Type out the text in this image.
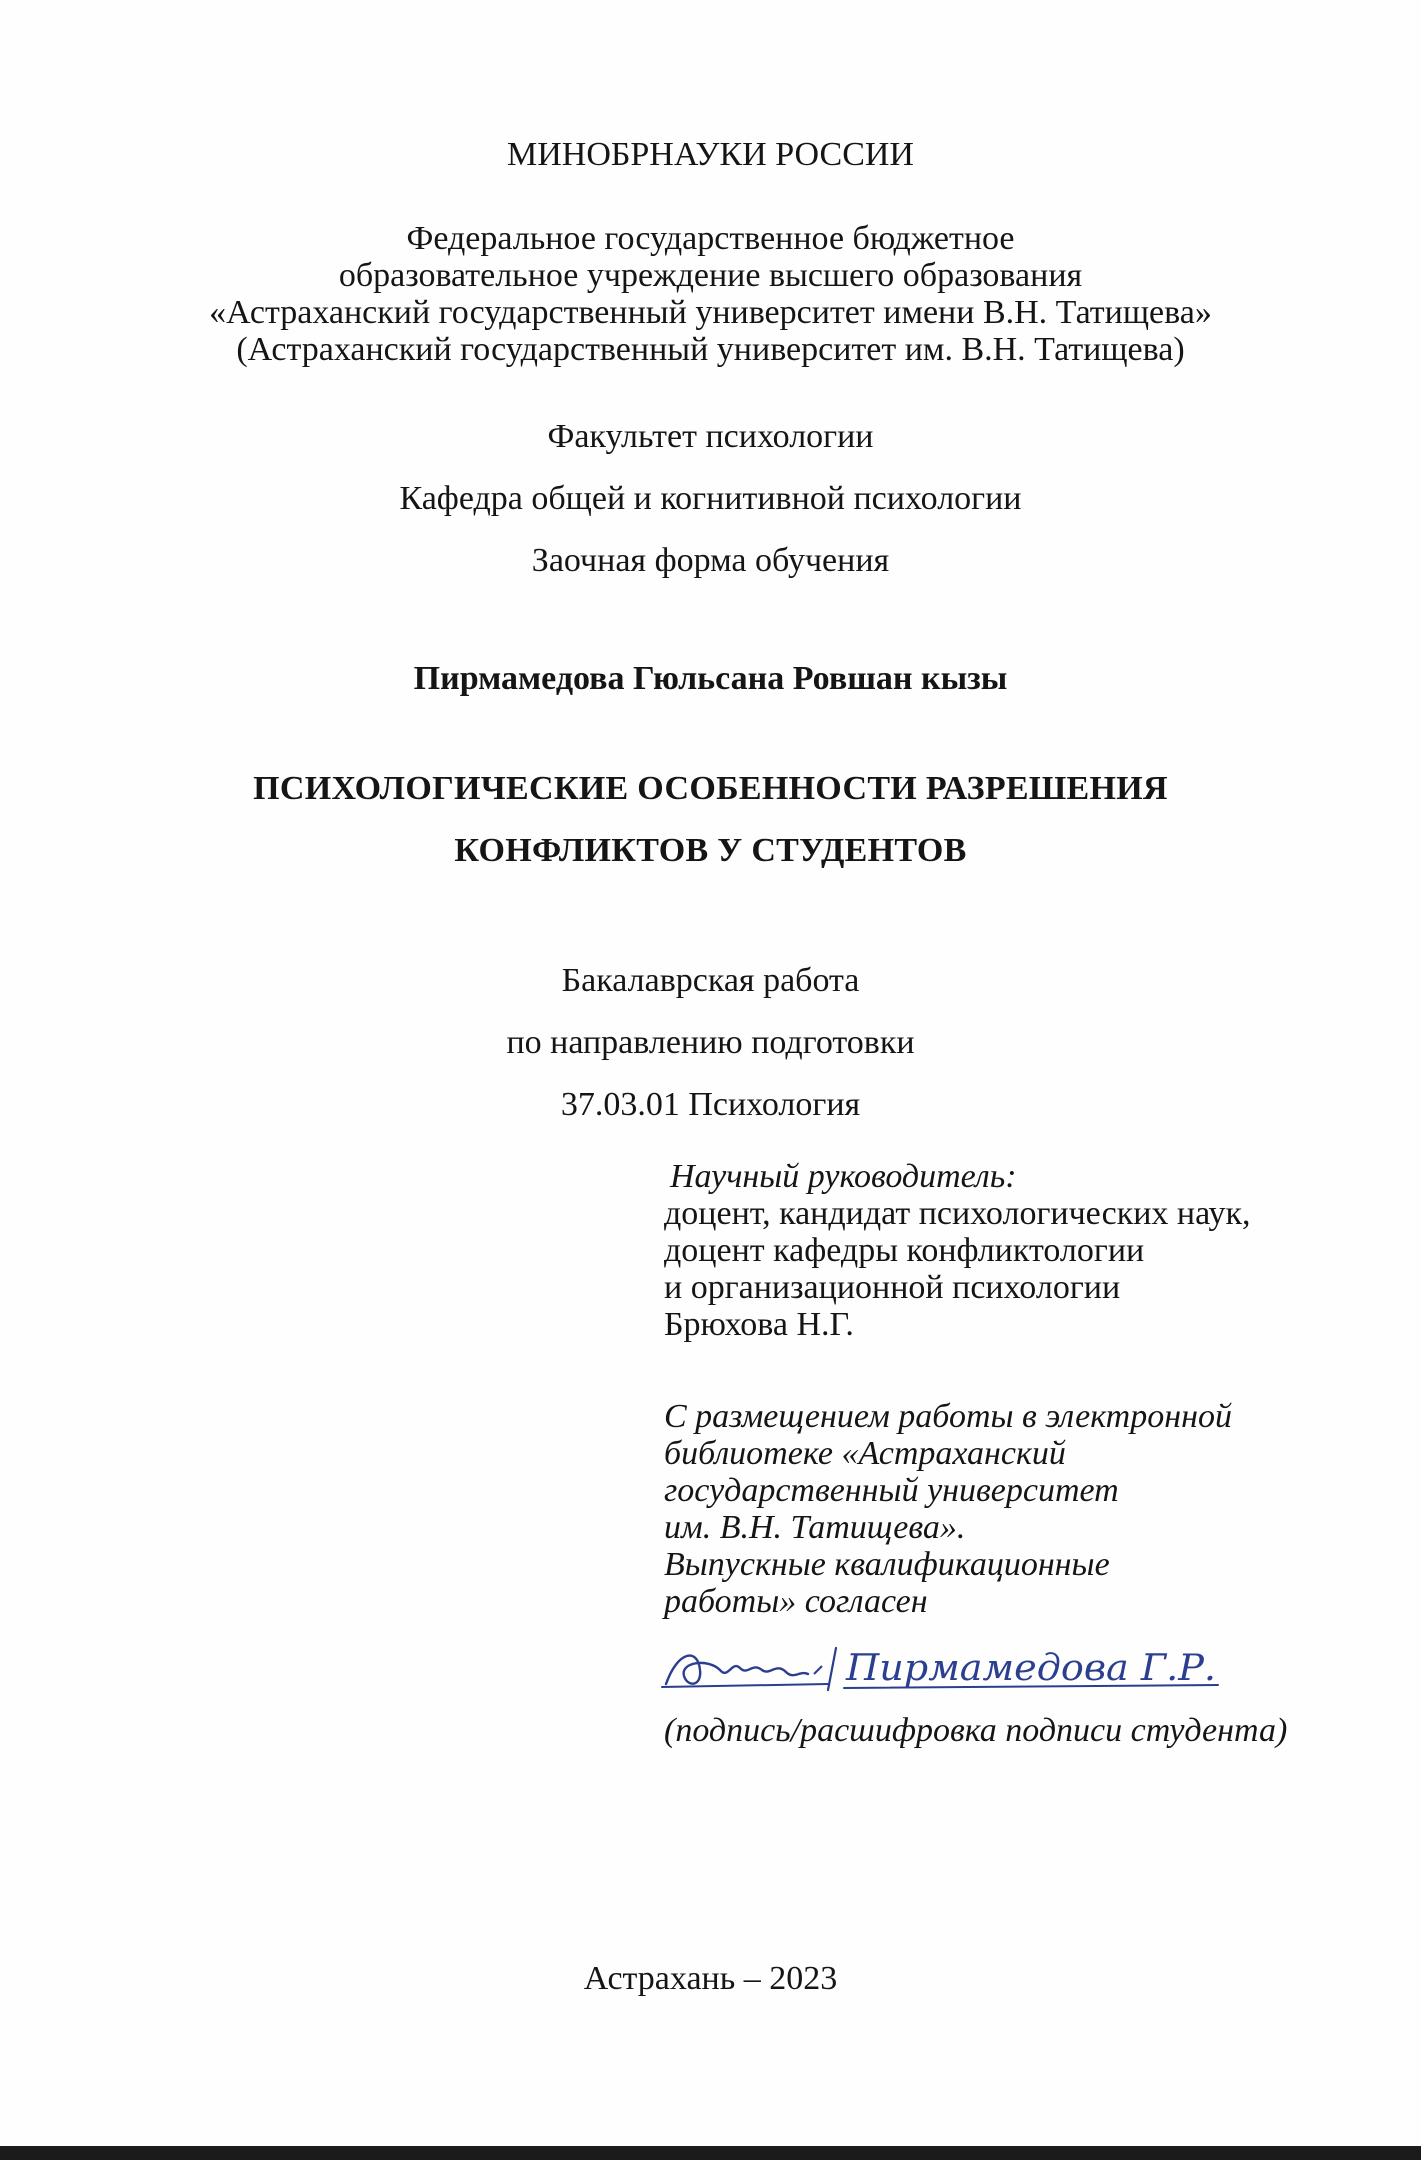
МИНОБРНАУКИ РОССИИ

Федеральное государственное бюджетное
образовательное учреждение высшего образования
«Астраханский государственный университет имени В.Н. Татищева»
(Астраханский государственный университет им. В.Н. Татищева)

Факультет психологии

Кафедра общей и когнитивной психологии

Заочная форма обучения

Пирмамедова Гюльсана Ровшан кызы

ПСИХОЛОГИЧЕСКИЕ ОСОБЕННОСТИ РАЗРЕШЕНИЯ
КОНФЛИКТОВ У СТУДЕНТОВ
Бакалаврская работа
по направлению подготовки
37.03.01 Психология
Научный руководитель:
доцент, кандидат психологических наук,
доцент кафедры конфликтологии
и организационной психологии
Брюхова Н.Г.
С размещением работы в электронной
библиотеке «Астраханский
государственный университет
им. В.Н. Татищева».
Выпускные квалификационные
работы» согласен
Пирмамедова Г.Р.

(подпись/расшифровка подписи студента)

Астрахань – 2023
